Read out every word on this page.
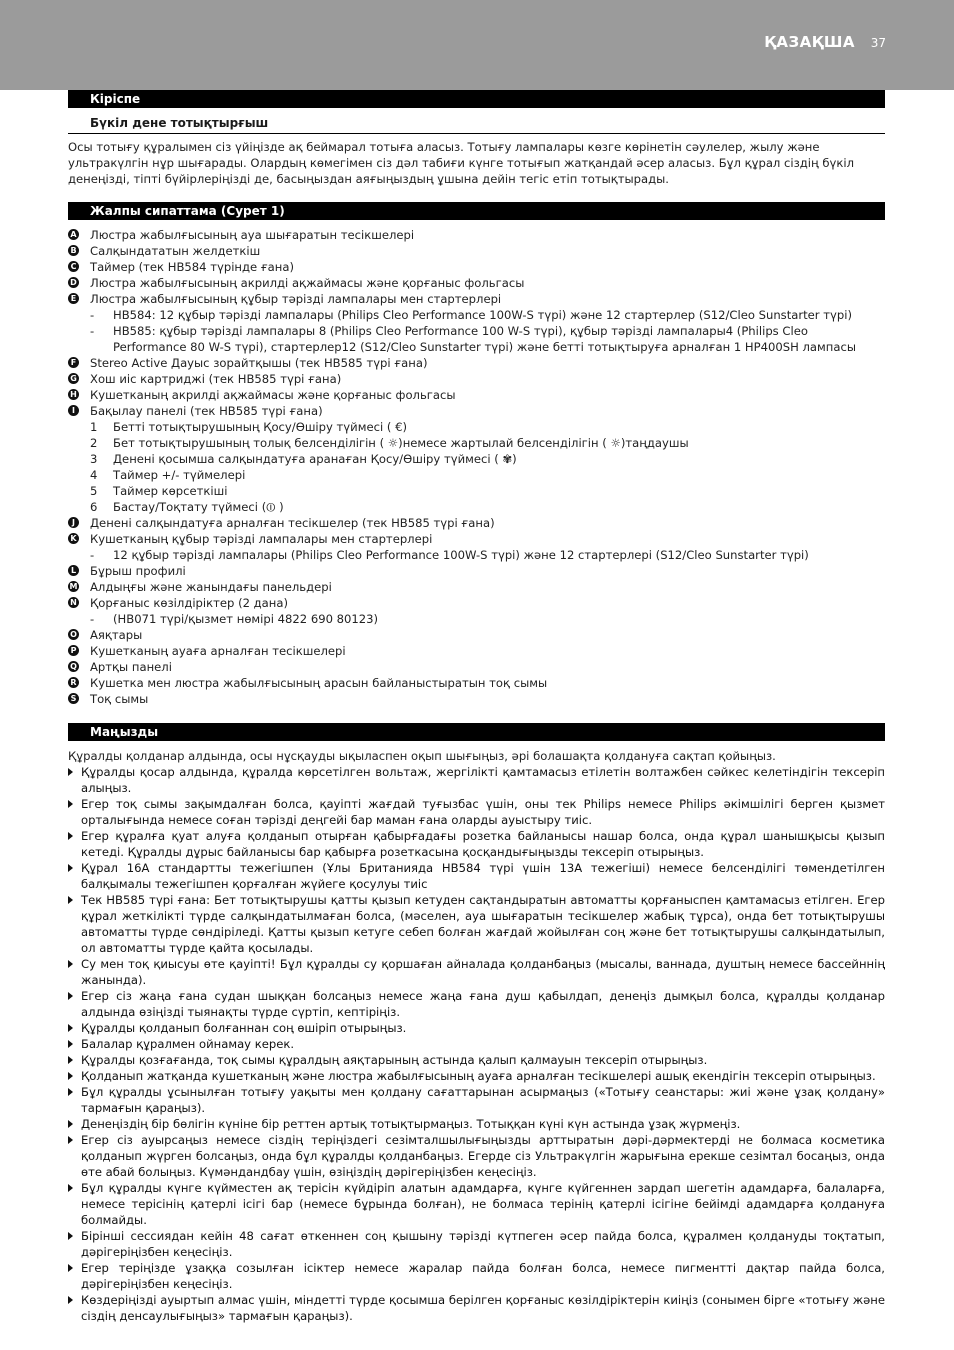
ҚАЗАҚША 37
Кіріспе
Бүкіл дене тотықтырғыш
Осы тотығу құралымен сіз үйіңізде ақ беймарал тотыға аласыз. Тотығу лампалары көзге көрінетін сәулелер, жылу және ультракүлгін нұр шығарады. Олардың көмегімен сіз дәл табиғи күнге тотығып жатқандай әсер аласыз. Бұл құрал сіздің бүкіл денеңізді, тіпті бүйірлеріңізді де, басыңыздан аяғыңыздың ұшына дейін тегіс етіп тотықтырады.
Жалпы сипаттама (Сурет 1)
A Люстра жабылғысының ауа шығаратын тесікшелері
B Салқындататын желдеткіш
C Таймер (тек HB584 түрінде ғана)
D Люстра жабылғысының акрилді ақжаймасы және қорғаныс фольгасы
E Люстра жабылғысының құбыр тәрізді лампалары мен стартерлері
- HB584: 12 құбыр тәрізді лампалары (Philips Cleo Performance 100W-S түрі) және 12 стартерлер (S12/Cleo Sunstarter түрі)
- HB585: құбыр тәрізді лампалары 8 (Philips Cleo Performance 100 W-S түрі), құбыр тәрізді лампалары4 (Philips Cleo Performance 80 W-S түрі), стартерлер12 (S12/Cleo Sunstarter түрі) және бетті тотықтыруға арналған 1 HP400SH лампасы
F Stereo Active Дауыс зорайтқышы (тек HB585 түрі ғана)
G Хош иіс картриджі (тек HB585 түрі ғана)
H Кушетканың акрилді ақжаймасы және қорғаныс фольгасы
I	Бақылау панелі (тек HB585 түрі ғана)
1 Бетті тотықтырушының Қосу/Өшіру түймесі ( €)
2 Бет тотықтырушының толық белсенділігін ( ☼)немесе жартылай белсенділігін ( ☼)таңдаушы
3 Денені қосымша салқындатуға аранаған Қосу/Өшіру түймесі ( ✾)
4 Таймер +/- түймелері
5 Таймер көрсеткіші
6 Бастау/Тоқтату түймесі (⏼ )
J	Денені салқындатуға арналған тесікшелер (тек HB585 түрі ғана)
K Кушетканың құбыр тәрізді лампалары мен стартерлері
- 12 құбыр тәрізді лампалары (Philips Cleo Performance 100W-S түрі) және 12 стартерлері (S12/Cleo Sunstarter түрі)
L Бұрыш профилі
M Алдыңғы және жанындағы панельдері
N Қорғаныс көзілдіріктер (2 дана)
- (HB071 түрі/қызмет нөмірі 4822 690 80123)
O Аяқтары
P Кушетканың ауаға арналған тесікшелері
Q Артқы панелі
R Кушетка мен люстра жабылғысының арасын байланыстыратын тоқ сымы
S Тоқ сымы
Маңызды
Құралды қолданар алдында, осы нұсқауды ықыласпен оқып шығыңыз, әрі болашақта қолдануға сақтап қойыңыз.
Құралды қосар алдында, құралда көрсетілген вольтаж, жергілікті қамтамасыз етілетін волтажбен сәйкес келетіндігін тексеріп алыңыз.
Егер тоқ сымы зақымдалған болса, қауіпті жағдай туғызбас үшін, оны тек Philips немесе Philips әкімшілігі берген қызмет орталығында немесе соған тәрізді деңгейі бар маман ғана оларды ауыстыру тиіс.
Егер құралға қуат алуға қолданып отырған қабырғадағы розетка байланысы нашар болса, онда құрал шанышқысы қызып кетеді. Құралды дұрыс байланысы бар қабырға розеткасына қосқандығыңызды тексеріп отырыңыз.
Құрал 16А стандартты тежегішпен (Ұлы Британияда HB584 түрі үшін 13А тежегіші) немесе белсенділігі төмендетілген балқымалы тежегішпен қорғалған жүйеге қосулуы тиіс
Тек HB585 түрі ғана: Бет тотықтырушы қатты қызып кетуден сақтандыратын автоматты қорғаныспен қамтамасыз етілген. Егер құрал жеткілікті түрде салқындатылмаған болса, (мәселен, ауа шығаратын тесікшелер жабық тұрса), онда бет тотықтырушы автоматты түрде сөндіріледі. Қатты қызып кетуге себеп болған жағдай жойылған соң және бет тотықтырушы салқындатылып, ол автоматты түрде қайта қосылады.
Су мен тоқ қиысуы өте қауіпті! Бұл құралды су қоршаған айналада қолданбаңыз (мысалы, ваннада, душтың немесе бассейннің жанында).
Егер сіз жаңа ғана судан шыққан болсаңыз немесе жаңа ғана душ қабылдап, денеңіз дымқыл болса, құралды қолданар алдында өзіңізді тыянақты түрде сүртіп, кептіріңіз.
Құралды қолданып болғаннан соң өшіріп отырыңыз.
Балалар құралмен ойнамау керек.
Құралды қозғағанда, тоқ сымы құралдың аяқтарының астында қалып қалмауын тексеріп отырыңыз.
Қолданып жатқанда кушетканың және люстра жабылғысының ауаға арналған тесікшелері ашық екендігін тексеріп отырыңыз.
Бұл құралды ұсынылған тотығу уақыты мен қолдану сағаттарынан асырмаңыз («Тотығу сеанстары: жиі және ұзақ қолдану» тармағын қараңыз).
Денеңіздің бір бөлігін күніне бір реттен артық тотықтырмаңыз. Тотыққан күні күн астында ұзақ жүрмеңіз.
Егер сіз ауырсаңыз немесе сіздің теріңіздегі сезімталшылығыңызды арттыратын дәрі-дәрмектерді не болмаса косметика қолданып жүрген болсаңыз, онда бұл құралды қолданбаңыз. Егерде сіз Ультракүлгін жарығына ерекше сезімтал босаңыз, онда өте абай болыңыз. Күмәндандбау үшін, өзіңіздің дәрігеріңізбен кеңесіңіз.
Бұл құралды күнге күйместен ақ терісін күйдіріп алатын адамдарға, күнге күйгеннен зардап шегетін адамдарға, балаларға, немесе терісінің қатерлі ісігі бар (немесе бұрында болған), не болмаса терінің қатерлі ісігіне бейімді адамдарға қолдануға болмайды.
Бірінші сессиядан кейін 48 сағат өткеннен соң қышыну тәрізді күтпеген әсер пайда болса, құралмен қолдануды тоқтатып, дәрігеріңізбен кеңесіңіз.
Егер теріңізде ұзаққа созылған ісіктер немесе жаралар пайда болған болса, немесе пигментті дақтар пайда болса, дәрігеріңізбен кеңесіңіз.
Көздеріңізді ауыртып алмас үшін, міндетті түрде қосымша берілген қорғаныс көзілдіріктерін киіңіз (сонымен бірге «тотығу және сіздің денсаулығыңыз» тармағын қараңыз).
